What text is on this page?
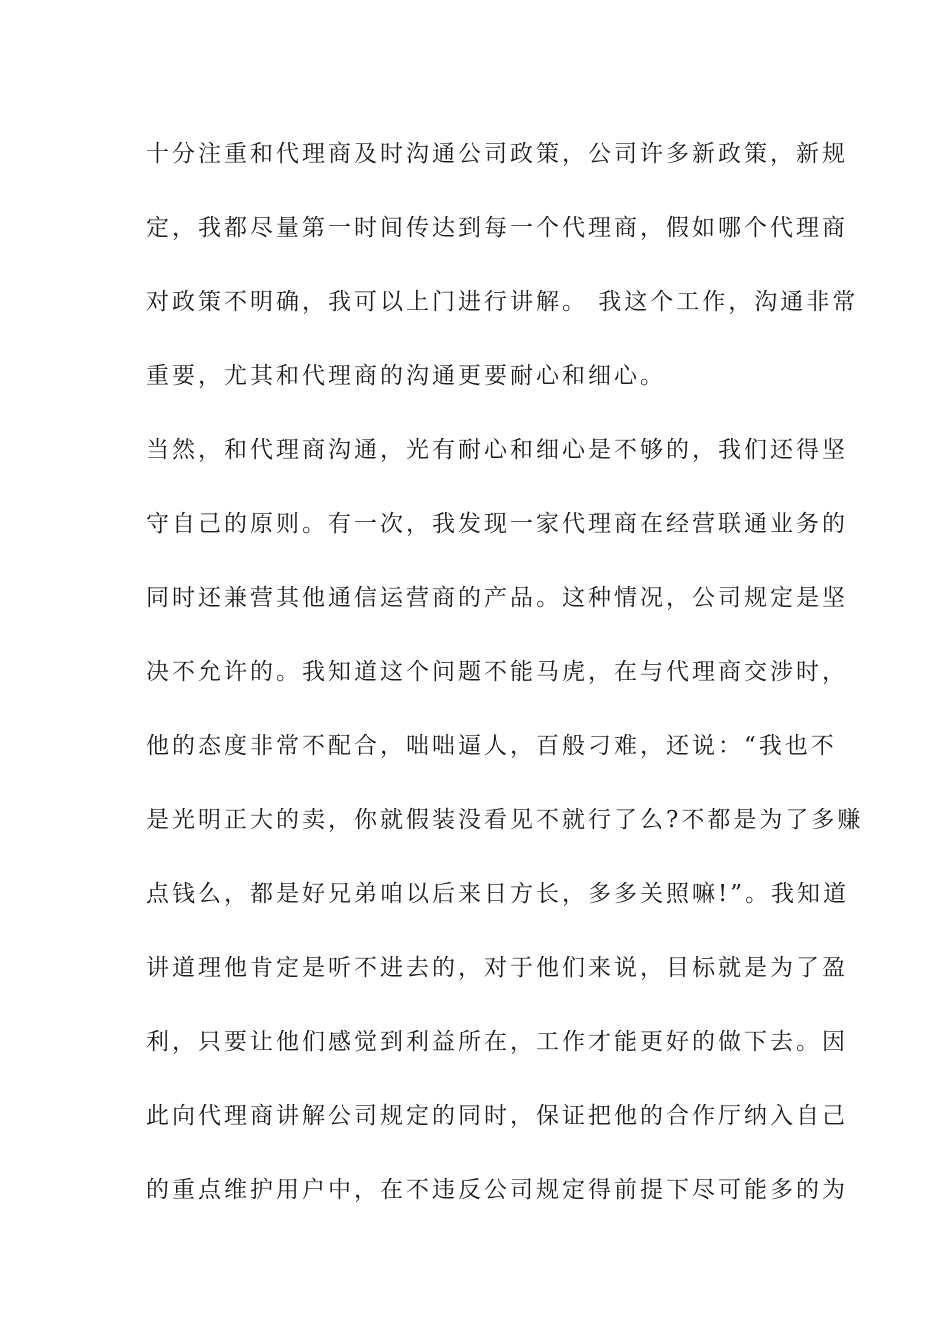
十分注重和代理商及时沟通公司政策，公司许多新政策，新规
定，我都尽量第一时间传达到每一个代理商，假如哪个代理商
对政策不明确，我可以上门进行讲解。 我这个工作，沟通非常
重要，尤其和代理商的沟通更要耐心和细心。
当然，和代理商沟通，光有耐心和细心是不够的，我们还得坚
守自己的原则。有一次，我发现一家代理商在经营联通业务的
同时还兼营其他通信运营商的产品。这种情况，公司规定是坚
决不允许的。我知道这个问题不能马虎，在与代理商交涉时，
他的态度非常不配合，咄咄逼人，百般刁难，还说：“我也不
是光明正大的卖，你就假装没看见不就行了么?不都是为了多赚
点钱么，都是好兄弟咱以后来日方长，多多关照嘛!”。我知道
讲道理他肯定是听不进去的，对于他们来说，目标就是为了盈
利，只要让他们感觉到利益所在，工作才能更好的做下去。因
此向代理商讲解公司规定的同时，保证把他的合作厅纳入自己
的重点维护用户中，在不违反公司规定得前提下尽可能多的为
